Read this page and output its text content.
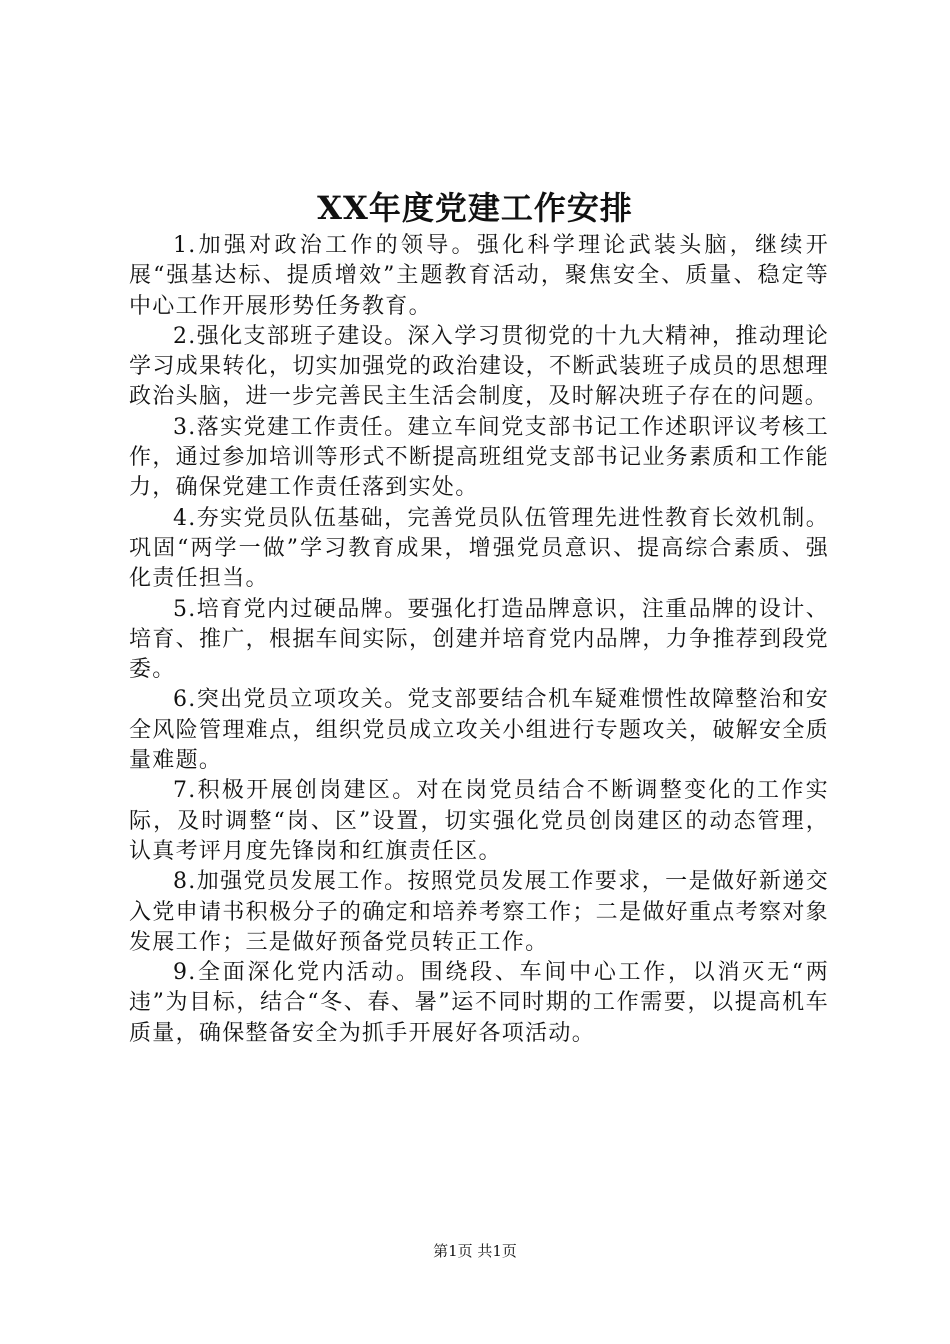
XX年度党建工作安排

1.加强对政治工作的领导。强化科学理论武装头脑，继续开展“强基达标、提质增效”主题教育活动，聚焦安全、质量、稳定等中心工作开展形势任务教育。

2.强化支部班子建设。深入学习贯彻党的十九大精神，推动理论学习成果转化，切实加强党的政治建设，不断武装班子成员的思想理政治头脑，进一步完善民主生活会制度，及时解决班子存在的问题。

3.落实党建工作责任。建立车间党支部书记工作述职评议考核工作，通过参加培训等形式不断提高班组党支部书记业务素质和工作能力，确保党建工作责任落到实处。

4.夯实党员队伍基础，完善党员队伍管理先进性教育长效机制。巩固“两学一做”学习教育成果，增强党员意识、提高综合素质、强化责任担当。

5.培育党内过硬品牌。要强化打造品牌意识，注重品牌的设计、培育、推广，根据车间实际，创建并培育党内品牌，力争推荐到段党委。

6.突出党员立项攻关。党支部要结合机车疑难惯性故障整治和安全风险管理难点，组织党员成立攻关小组进行专题攻关，破解安全质量难题。

7.积极开展创岗建区。对在岗党员结合不断调整变化的工作实际，及时调整“岗、区”设置，切实强化党员创岗建区的动态管理，认真考评月度先锋岗和红旗责任区。

8.加强党员发展工作。按照党员发展工作要求，一是做好新递交入党申请书积极分子的确定和培养考察工作；二是做好重点考察对象发展工作；三是做好预备党员转正工作。

9.全面深化党内活动。围绕段、车间中心工作，以消灭无“两违”为目标，结合“冬、春、暑”运不同时期的工作需要，以提高机车质量，确保整备安全为抓手开展好各项活动。

第1页 共1页
